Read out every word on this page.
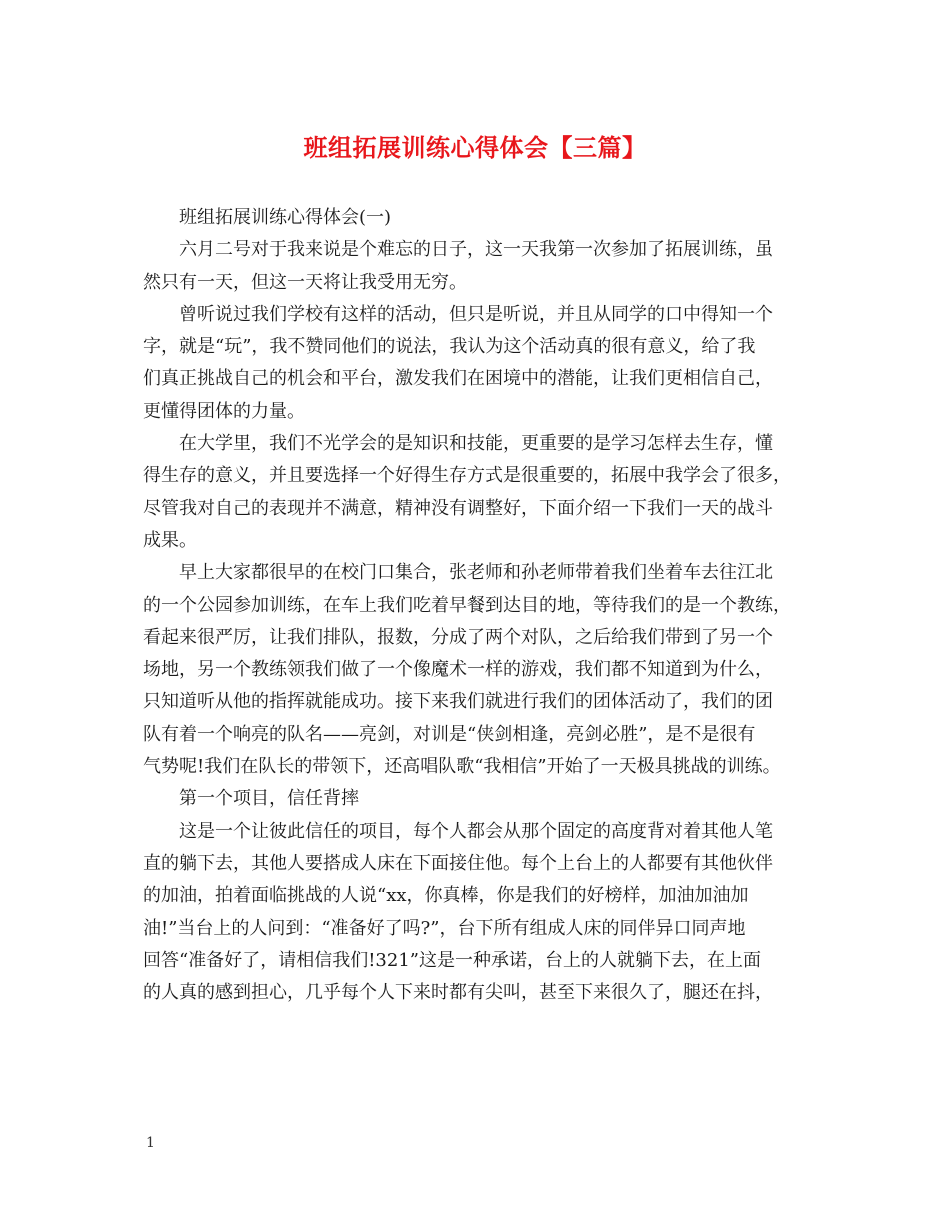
班组拓展训练心得体会【三篇】
班组拓展训练心得体会(一)
六月二号对于我来说是个难忘的日子，这一天我第一次参加了拓展训练，虽
然只有一天，但这一天将让我受用无穷。
曾听说过我们学校有这样的活动，但只是听说，并且从同学的口中得知一个
字，就是“玩”，我不赞同他们的说法，我认为这个活动真的很有意义，给了我
们真正挑战自己的机会和平台，激发我们在困境中的潜能，让我们更相信自己，
更懂得团体的力量。
在大学里，我们不光学会的是知识和技能，更重要的是学习怎样去生存，懂
得生存的意义，并且要选择一个好得生存方式是很重要的，拓展中我学会了很多，
尽管我对自己的表现并不满意，精神没有调整好，下面介绍一下我们一天的战斗
成果。
早上大家都很早的在校门口集合，张老师和孙老师带着我们坐着车去往江北
的一个公园参加训练，在车上我们吃着早餐到达目的地，等待我们的是一个教练，
看起来很严厉，让我们排队，报数，分成了两个对队，之后给我们带到了另一个
场地，另一个教练领我们做了一个像魔术一样的游戏，我们都不知道到为什么，
只知道听从他的指挥就能成功。接下来我们就进行我们的团体活动了，我们的团
队有着一个响亮的队名——亮剑，对训是“侠剑相逢，亮剑必胜”，是不是很有
气势呢!我们在队长的带领下，还高唱队歌“我相信”开始了一天极具挑战的训练。
第一个项目，信任背摔
这是一个让彼此信任的项目，每个人都会从那个固定的高度背对着其他人笔
直的躺下去，其他人要搭成人床在下面接住他。每个上台上的人都要有其他伙伴
的加油，拍着面临挑战的人说“xx，你真棒，你是我们的好榜样，加油加油加
油!”当台上的人问到：“准备好了吗?”，台下所有组成人床的同伴异口同声地
回答“准备好了，请相信我们!321”这是一种承诺，台上的人就躺下去，在上面
的人真的感到担心，几乎每个人下来时都有尖叫，甚至下来很久了，腿还在抖，
1
